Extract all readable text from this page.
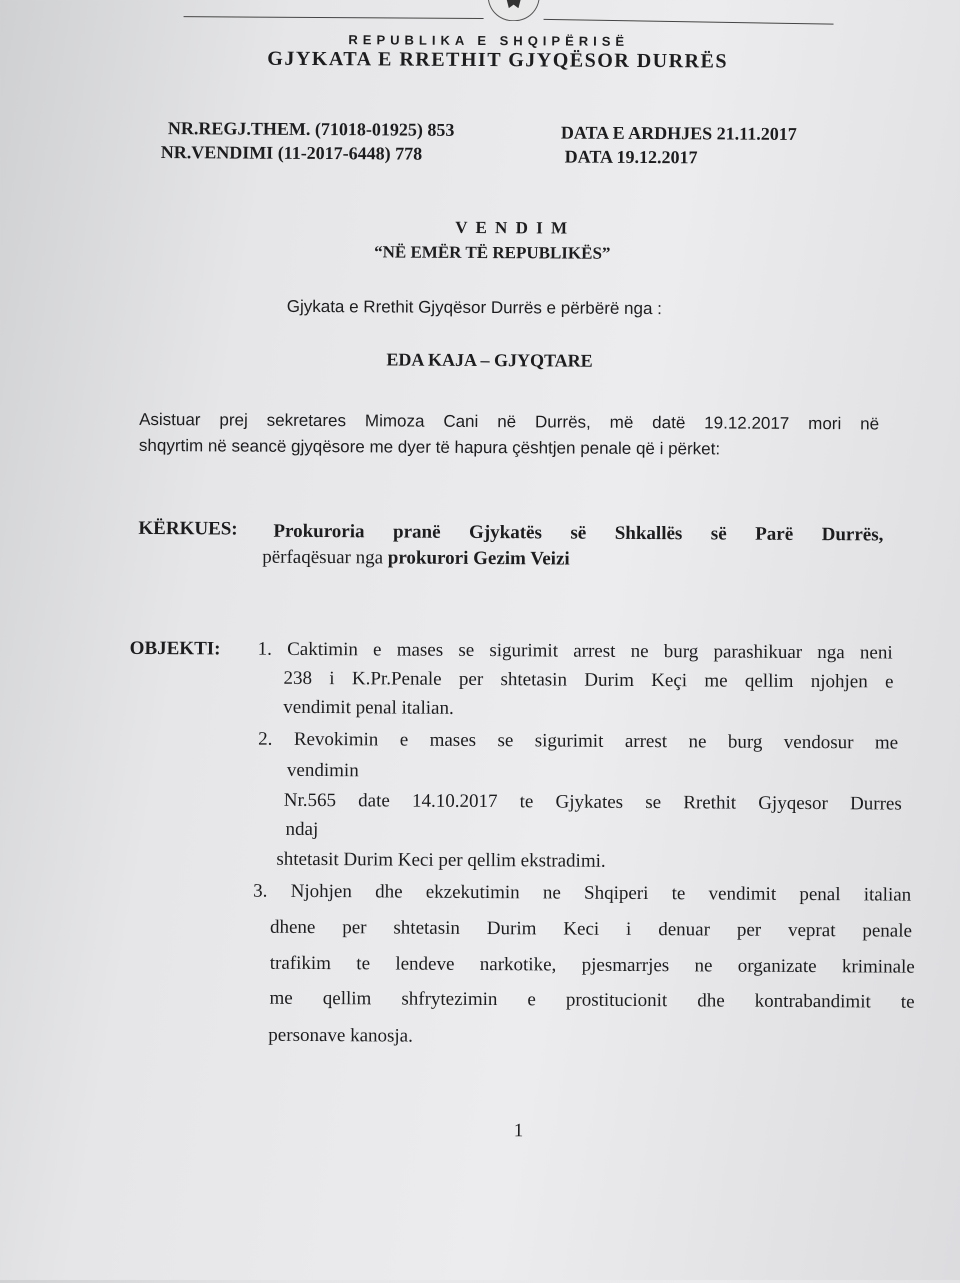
REPUBLIKA E SHQIPËRISË
GJYKATA E RRETHIT GJYQËSOR DURRËS
NR.REGJ.THEM. (71018-01925) 853
NR.VENDIMI (11-2017-6448) 778
DATA E ARDHJES 21.11.2017
DATA 19.12.2017
V E N D I M
“NË EMËR TË REPUBLIKËS”
Gjykata e Rrethit Gjyqësor Durrës e përbërë nga :
EDA KAJA – GJYQTARE
Asistuar prej sekretares Mimoza Cani në Durrës, më datë 19.12.2017 mori në
shqyrtim në seancë gjyqësore me dyer të hapura çështjen penale që i përket:
KËRKUES: Prokuroria pranë Gjykatës së Shkallës së Parë Durrës,
përfaqësuar nga prokurori Gezim Veizi
OBJEKTI: 1. Caktimin e mases se sigurimit arrest ne burg parashikuar nga neni
238 i K.Pr.Penale per shtetasin Durim Keçi me qellim njohjen e
vendimit penal italian.
2. Revokimin e mases se sigurimit arrest ne burg vendosur me
vendimin
Nr.565 date 14.10.2017 te Gjykates se Rrethit Gjyqesor Durres
ndaj
shtetasit Durim Keci per qellim ekstradimi.
3. Njohjen dhe ekzekutimin ne Shqiperi te vendimit penal italian
dhene per shtetasin Durim Keci i denuar per veprat penale
trafikim te lendeve narkotike, pjesmarrjes ne organizate kriminale
me qellim shfrytezimin e prostitucionit dhe kontrabandimit te
personave kanosja.
1
